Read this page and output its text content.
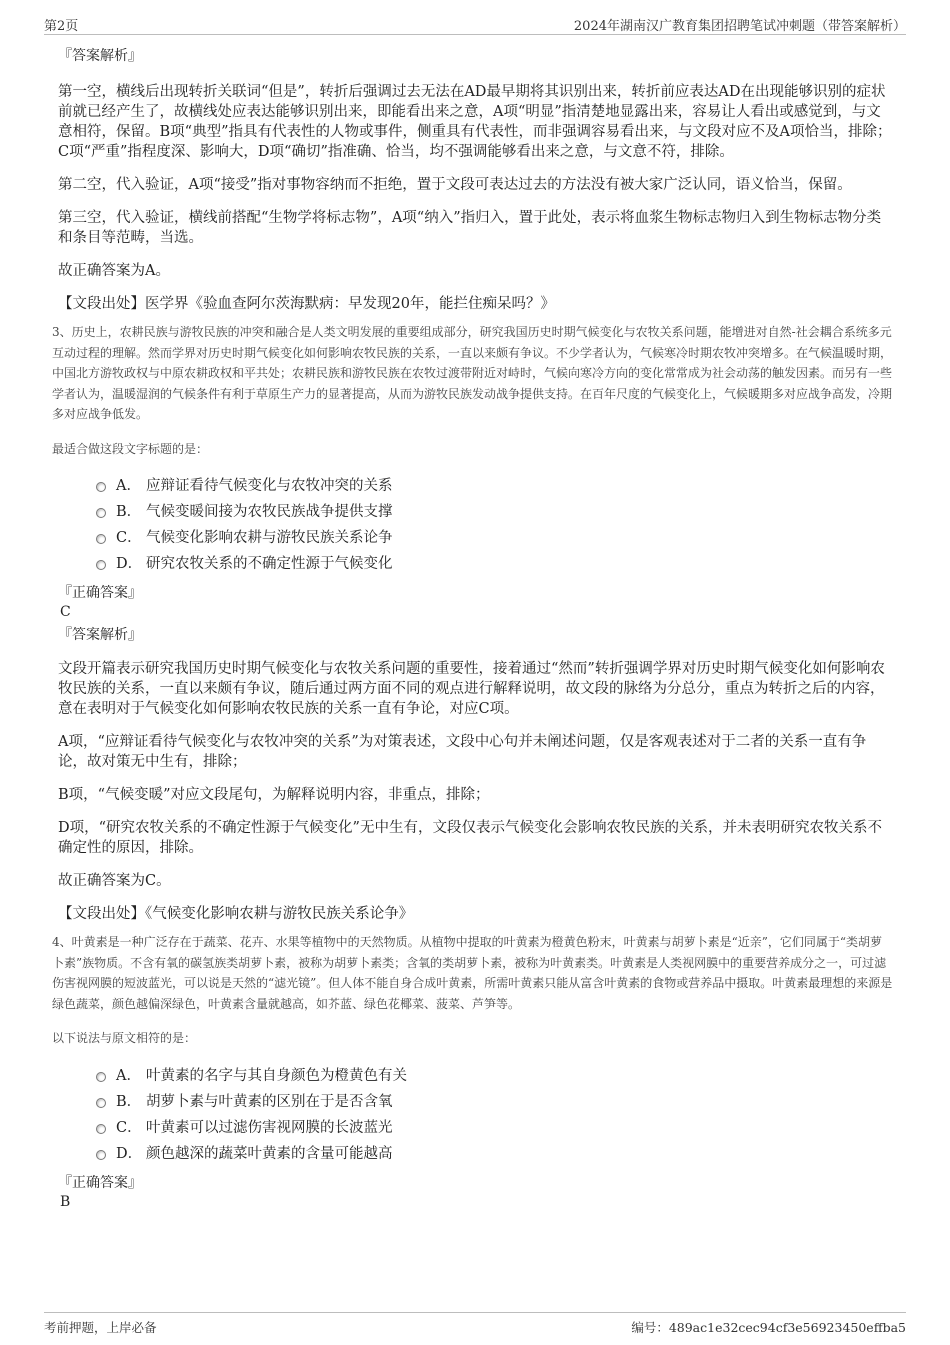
第2页	2024年湖南汉广教育集团招聘笔试冲刺题（带答案解析）

『答案解析』

第一空，横线后出现转折关联词“但是”，转折后强调过去无法在AD最早期将其识别出来，转折前应表达AD在出现能够识别的症状前就已经产生了，故横线处应表达能够识别出来，即能看出来之意，A项“明显”指清楚地显露出来，容易让人看出或感觉到，与文意相符，保留。B项“典型”指具有代表性的人物或事件，侧重具有代表性，而非强调容易看出来，与文段对应不及A项恰当，排除；C项“严重”指程度深、影响大，D项“确切”指准确、恰当，均不强调能够看出来之意，与文意不符，排除。

第二空，代入验证，A项“接受”指对事物容纳而不拒绝，置于文段可表达过去的方法没有被大家广泛认同，语义恰当，保留。

第三空，代入验证，横线前搭配“生物学将标志物”，A项“纳入”指归入，置于此处，表示将血浆生物标志物归入到生物标志物分类和条目等范畴，当选。

故正确答案为A。

【文段出处】医学界《验血查阿尔茨海默病：早发现20年，能拦住痴呆吗？》

3、历史上，农耕民族与游牧民族的冲突和融合是人类文明发展的重要组成部分，研究我国历史时期气候变化与农牧关系问题，能增进对自然-社会耦合系统多元互动过程的理解。然而学界对历史时期气候变化如何影响农牧民族的关系，一直以来颇有争议。不少学者认为，气候寒冷时期农牧冲突增多。在气候温暖时期，中国北方游牧政权与中原农耕政权和平共处；农耕民族和游牧民族在农牧过渡带附近对峙时，气候向寒冷方向的变化常常成为社会动荡的触发因素。而另有一些学者认为，温暖湿润的气候条件有利于草原生产力的显著提高，从而为游牧民族发动战争提供支持。在百年尺度的气候变化上，气候暖期多对应战争高发，冷期多对应战争低发。

最适合做这段文字标题的是：

A． 应辩证看待气候变化与农牧冲突的关系
B． 气候变暖间接为农牧民族战争提供支撑
C． 气候变化影响农耕与游牧民族关系论争
D． 研究农牧关系的不确定性源于气候变化

『正确答案』

C

『答案解析』

文段开篇表示研究我国历史时期气候变化与农牧关系问题的重要性，接着通过“然而”转折强调学界对历史时期气候变化如何影响农牧民族的关系，一直以来颇有争议，随后通过两方面不同的观点进行解释说明，故文段的脉络为分总分，重点为转折之后的内容，意在表明对于气候变化如何影响农牧民族的关系一直有争论，对应C项。

A项，“应辩证看待气候变化与农牧冲突的关系”为对策表述，文段中心句并未阐述问题，仅是客观表述对于二者的关系一直有争论，故对策无中生有，排除；

B项，“气候变暖”对应文段尾句，为解释说明内容，非重点，排除；

D项，“研究农牧关系的不确定性源于气候变化”无中生有，文段仅表示气候变化会影响农牧民族的关系，并未表明研究农牧关系不确定性的原因，排除。

故正确答案为C。

【文段出处】《气候变化影响农耕与游牧民族关系论争》

4、叶黄素是一种广泛存在于蔬菜、花卉、水果等植物中的天然物质。从植物中提取的叶黄素为橙黄色粉末，叶黄素与胡萝卜素是“近亲”，它们同属于“类胡萝卜素”族物质。不含有氧的碳氢族类胡萝卜素，被称为胡萝卜素类；含氧的类胡萝卜素，被称为叶黄素类。叶黄素是人类视网膜中的重要营养成分之一，可过滤伤害视网膜的短波蓝光，可以说是天然的“滤光镜”。但人体不能自身合成叶黄素，所需叶黄素只能从富含叶黄素的食物或营养品中摄取。叶黄素最理想的来源是绿色蔬菜，颜色越偏深绿色，叶黄素含量就越高，如芥蓝、绿色花椰菜、菠菜、芦笋等。

以下说法与原文相符的是：

A． 叶黄素的名字与其自身颜色为橙黄色有关
B． 胡萝卜素与叶黄素的区别在于是否含氧
C． 叶黄素可以过滤伤害视网膜的长波蓝光
D． 颜色越深的蔬菜叶黄素的含量可能越高

『正确答案』

B

考前押题，上岸必备	编号：489ac1e32cec94cf3e56923450effba5
